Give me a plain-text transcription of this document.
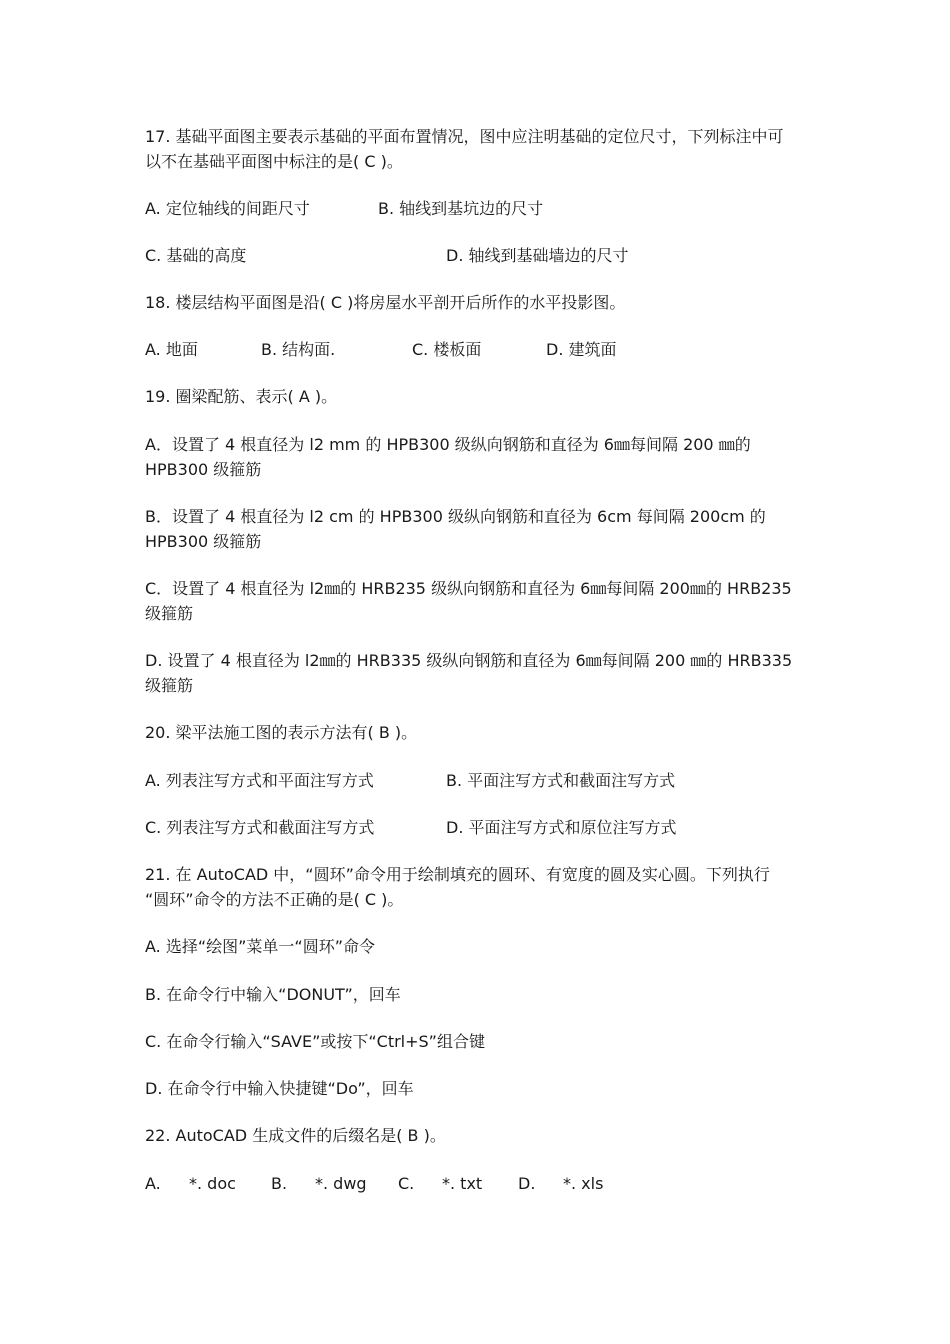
17. 基础平面图主要表示基础的平面布置情况，图中应注明基础的定位尺寸，下列标注中可
以不在基础平面图中标注的是( C )。
A. 定位轴线的间距尺寸	B. 轴线到基坑边的尺寸
C. 基础的高度	D. 轴线到基础墙边的尺寸
18. 楼层结构平面图是沿( C )将房屋水平剖开后所作的水平投影图。
A. 地面	B. 结构面.	C. 楼板面	D. 建筑面
19. 圈梁配筋、表示( A )。
A．设置了 4 根直径为 l2 mm 的 HPB300 级纵向钢筋和直径为 6㎜每间隔 200 ㎜的
HPB300 级箍筋
B．设置了 4 根直径为 l2 cm 的 HPB300 级纵向钢筋和直径为 6cm 每间隔 200cm 的
HPB300 级箍筋
C．设置了 4 根直径为 l2㎜的 HRB235 级纵向钢筋和直径为 6㎜每间隔 200㎜的 HRB235
级箍筋
D. 设置了 4 根直径为 l2㎜的 HRB335 级纵向钢筋和直径为 6㎜每间隔 200 ㎜的 HRB335
级箍筋
20. 梁平法施工图的表示方法有( B )。
A. 列表注写方式和平面注写方式	B. 平面注写方式和截面注写方式
C. 列表注写方式和截面注写方式	D. 平面注写方式和原位注写方式
21. 在 AutoCAD 中，“圆环”命令用于绘制填充的圆环、有宽度的圆及实心圆。下列执行
“圆环”命令的方法不正确的是( C )。
A. 选择“绘图”菜单一“圆环”命令
B. 在命令行中输入“DONUT”，回车
C. 在命令行输入“SAVE”或按下“Ctrl+S”组合键
D. 在命令行中输入快捷键“Do”，回车
22. AutoCAD 生成文件的后缀名是( B )。
A. *. doc B. *. dwg C. *. txt D. *. xls
